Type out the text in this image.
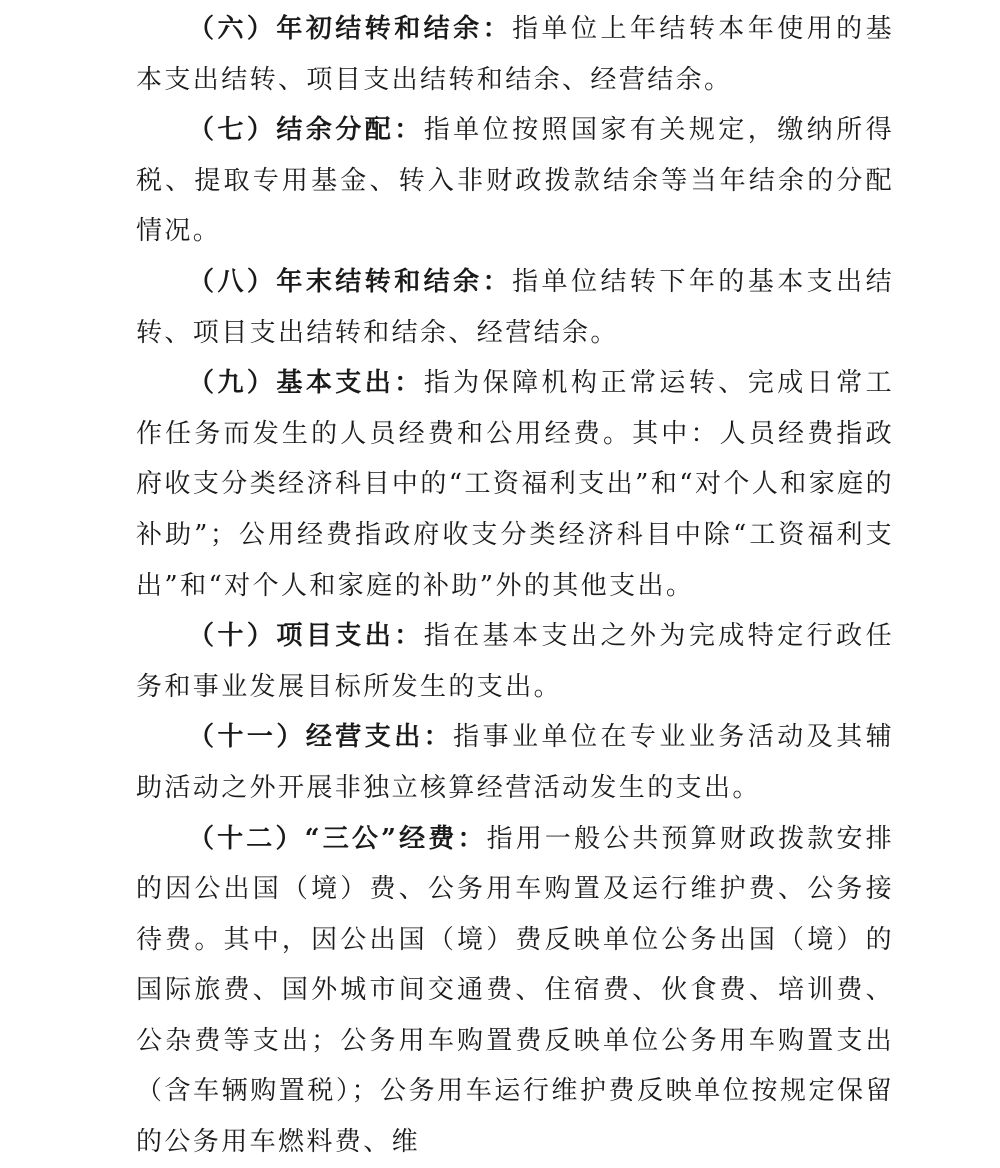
（六）年初结转和结余：指单位上年结转本年使用的基本支出结转、项目支出结转和结余、经营结余。

（七）结余分配：指单位按照国家有关规定，缴纳所得税、提取专用基金、转入非财政拨款结余等当年结余的分配情况。

（八）年末结转和结余：指单位结转下年的基本支出结转、项目支出结转和结余、经营结余。

（九）基本支出：指为保障机构正常运转、完成日常工作任务而发生的人员经费和公用经费。其中：人员经费指政府收支分类经济科目中的“工资福利支出”和“对个人和家庭的补助”；公用经费指政府收支分类经济科目中除“工资福利支出”和“对个人和家庭的补助”外的其他支出。

（十）项目支出：指在基本支出之外为完成特定行政任务和事业发展目标所发生的支出。

（十一）经营支出：指事业单位在专业业务活动及其辅助活动之外开展非独立核算经营活动发生的支出。

（十二）“三公”经费：指用一般公共预算财政拨款安排的因公出国（境）费、公务用车购置及运行维护费、公务接待费。其中，因公出国（境）费反映单位公务出国（境）的国际旅费、国外城市间交通费、住宿费、伙食费、培训费、公杂费等支出；公务用车购置费反映单位公务用车购置支出（含车辆购置税）；公务用车运行维护费反映单位按规定保留的公务用车燃料费、维
